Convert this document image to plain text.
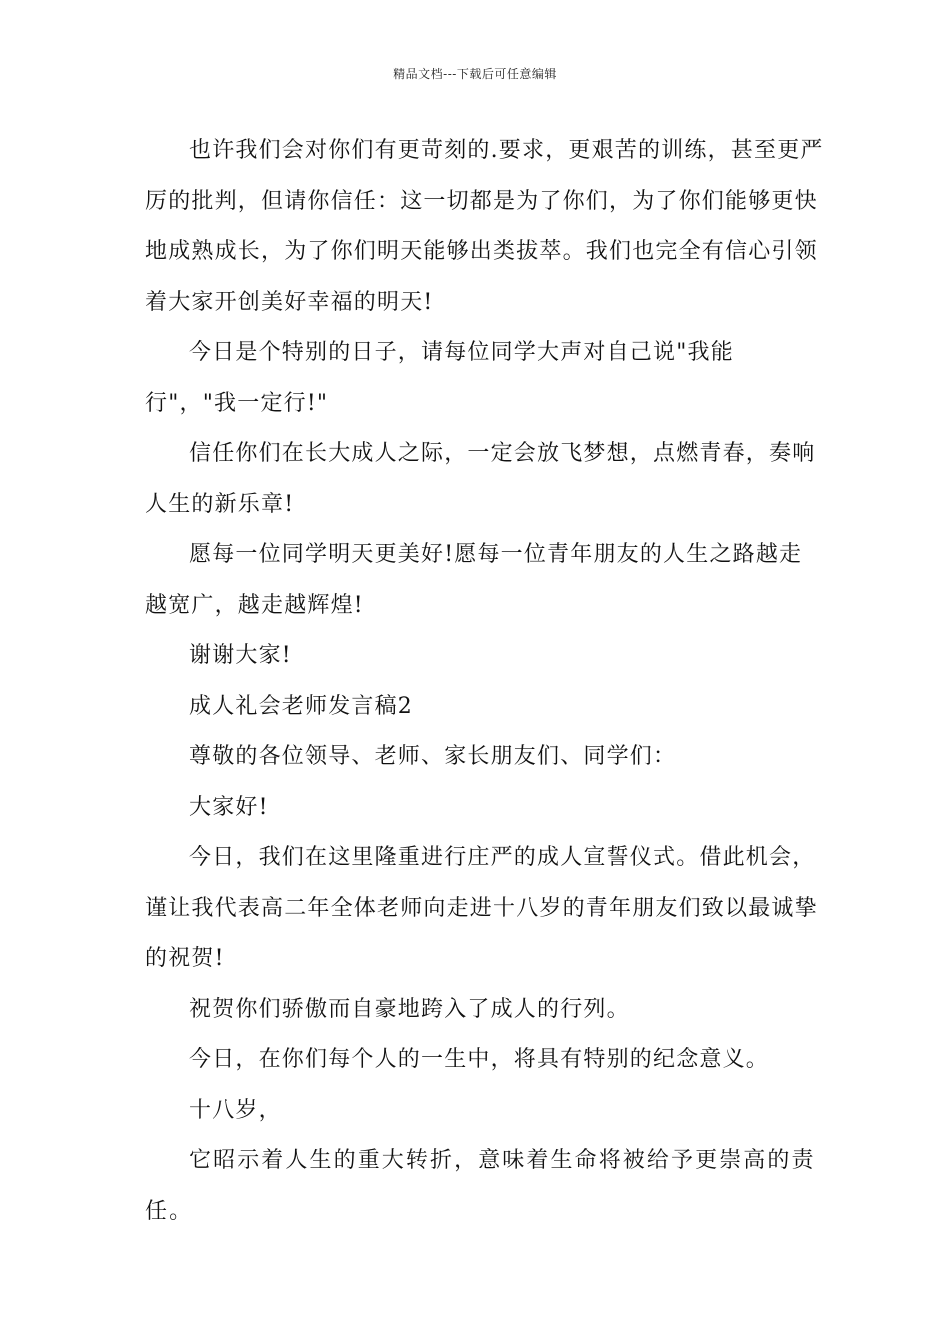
精品文档---下载后可任意编辑

也许我们会对你们有更苛刻的.要求，更艰苦的训练，甚至更严厉的批判，但请你信任：这一切都是为了你们，为了你们能够更快地成熟成长，为了你们明天能够出类拔萃。我们也完全有信心引领着大家开创美好幸福的明天!

今日是个特别的日子，请每位同学大声对自己说"我能行"，"我一定行!"

信任你们在长大成人之际，一定会放飞梦想，点燃青春，奏响人生的新乐章!

愿每一位同学明天更美好!愿每一位青年朋友的人生之路越走越宽广，越走越辉煌!

谢谢大家!

成人礼会老师发言稿2

尊敬的各位领导、老师、家长朋友们、同学们：

大家好!

今日，我们在这里隆重进行庄严的成人宣誓仪式。借此机会，谨让我代表高二年全体老师向走进十八岁的青年朋友们致以最诚挚的祝贺!

祝贺你们骄傲而自豪地跨入了成人的行列。

今日，在你们每个人的一生中，将具有特别的纪念意义。

十八岁，

它昭示着人生的重大转折，意味着生命将被给予更崇高的责任。
